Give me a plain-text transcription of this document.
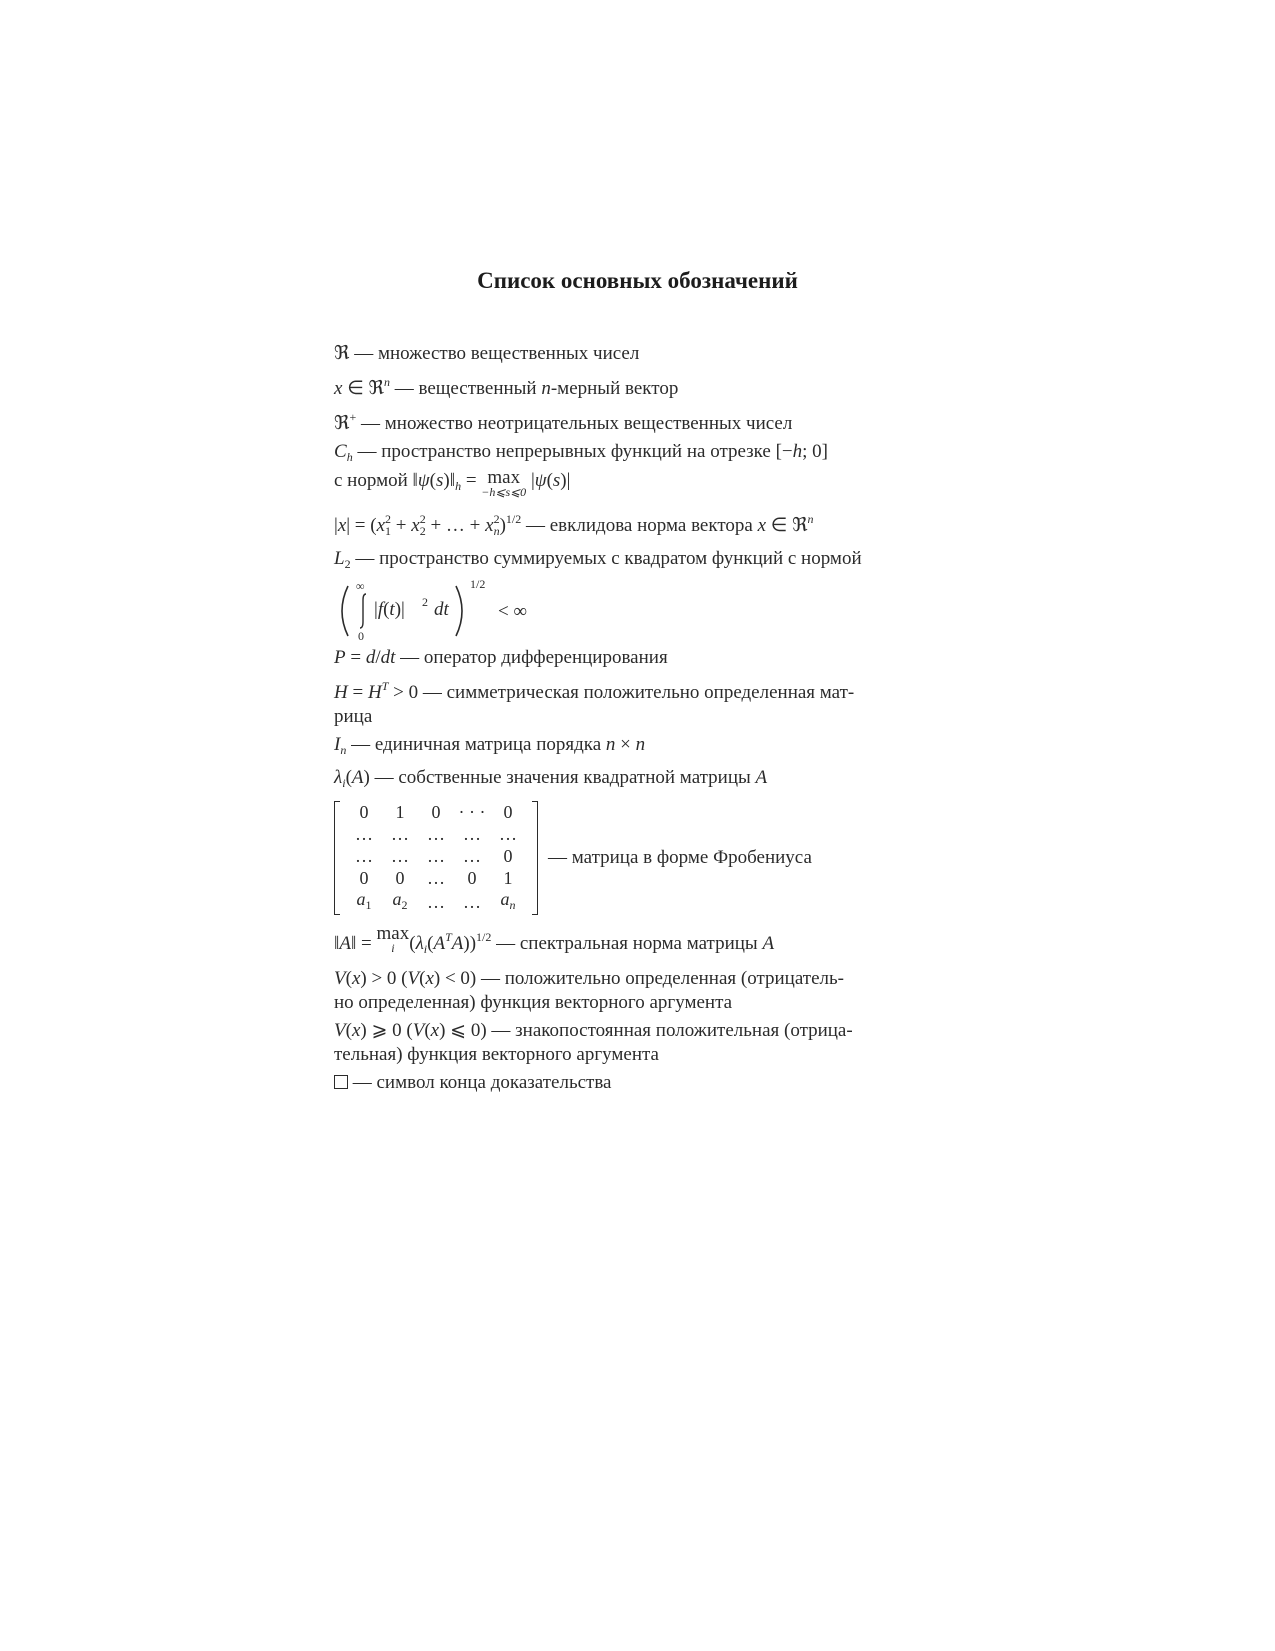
Список основных обозначений
ℜ — множество вещественных чисел
x ∈ ℜ$^n$ — вещественный n-мерный вектор
ℜ+ — множество неотрицательных вещественных чисел
$C_h$ — пространство непрерывных функций на отрезке [−h; 0]
с нормой $‖\psi(s)‖_h = \max$
−h⩽s⩽0
|ψ(s)|
$|x| = (x_1^2 + x_2^2$ + … + $x_n^2)^{1/2}$ — евклидова норма вектора x ∈ ℜ$^n$
$L_2$ — пространство суммируемых с квадратом функций с нормой
∞
0
|f(t)| 2 dt
1/2
< ∞
P = d/dt — оператор дифференцирования
$H = H^T > 0$ — симметрическая положительно определенная мат-
рица
$I_n$ — единичная матрица порядка n × n
$\lambda_i(A)$ — собственные значения квадратной матрицы A
0	1	0	· · ·	0
…	…	…	…	…
…	…	…	…	0
0	0	…	0	1
$a_1$	$a_2$	…	…	$a_n$
— матрица в форме Фробениуса
‖A‖ = max
i $(\lambda_i(A^TA))^{1/2}$ — спектральная норма матрицы A
V(x) > 0 (V(x) < 0) — положительно определенная (отрицатель-
но определенная) функция векторного аргумента
V(x) ⩾ 0 (V(x) ⩽ 0) — знакопостоянная положительная (отрица-
тельная) функция векторного аргумента
— символ конца доказательства
